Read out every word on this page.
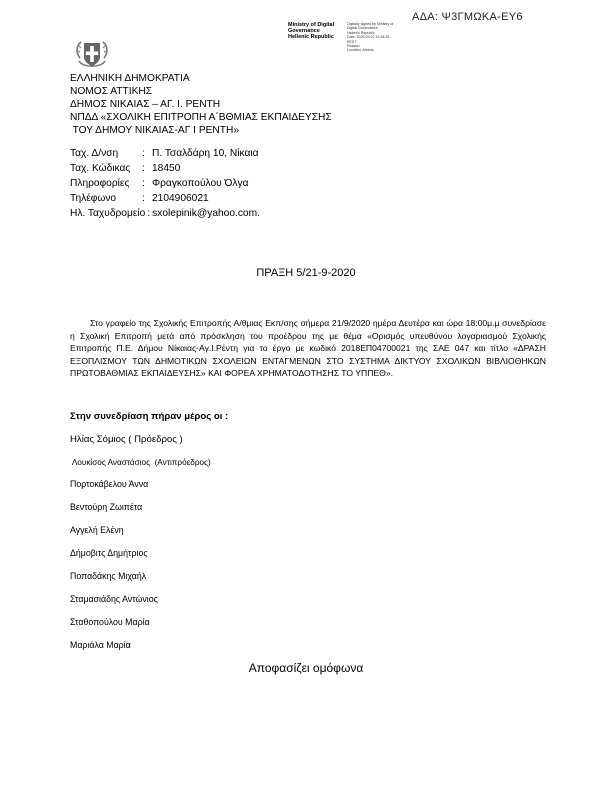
ΑΔΑ: Ψ3ΓΜΩΚΑ-ΕΥ6
Ministry of Digital
Governance
Hellenic Republic
Digitally signed by Ministry of
Digital Governance,
Hellenic Republic
Date: 2020.09.22 11:16:25
EEST
Reason:
Location: Athens
ΕΛΛΗΝΙΚΗ ΔΗΜΟΚΡΑΤΙΑ
ΝΟΜΟΣ ΑΤΤΙΚΗΣ
ΔΗΜΟΣ ΝΙΚΑΙΑΣ – ΑΓ. Ι. ΡΕΝΤΗ
ΝΠΔΔ «ΣΧΟΛΙΚΗ ΕΠΙΤΡΟΠΗ Α΄ΒΘΜΙΑΣ ΕΚΠΑΙΔΕΥΣΗΣ
ΤΟΥ ΔΗΜΟΥ ΝΙΚΑΙΑΣ-ΑΓ Ι ΡΕΝΤΗ»
Ταχ. Δ/νση	: Π. Τσαλδάρη 10, Νίκαια
Ταχ. Κώδικας	: 18450
Πληροφορίες	: Φραγκοπούλου Όλγα
Τηλέφωνο	: 2104906021
Ηλ. Ταχυδρομείο : sxolepinik@yahoo.com.
ΠΡΑΞΗ 5/21-9-2020
Στο γραφείο της Σχολικής Επιτροπής Α/θμιας Εκπ/σης σήμερα 21/9/2020 ημέρα Δευτέρα και ώρα 18:00μ.μ συνεδρίασε η Σχολική Επιτροπή μετά από πρόσκληση του προέδρου της με θέμα «Ορισμός υπευθύνου λογαριασμού Σχολικής Επιτροπής Π.Ε. Δήμου Νίκαιας-Αγ.Ι.Ρέντη για το έργο με κωδικό 2018ΕΠ04700021 της ΣΑΕ 047 και τίτλο «ΔΡΑΣΗ ΕΞΟΠΛΙΣΜΟΥ ΤΩΝ ΔΗΜΟΤΙΚΩΝ ΣΧΟΛΕΙΩΝ ΕΝΤΑΓΜΕΝΩΝ ΣΤΟ ΣΥΣΤΗΜΑ ΔΙΚΤΥΟΥ ΣΧΟΛΙΚΩΝ ΒΙΒΛΙΟΘΗΚΩΝ ΠΡΩΤΟΒΑΘΜΙΑΣ ΕΚΠΑΙΔΕΥΣΗΣ» ΚΑΙ ΦΟΡΕΑ ΧΡΗΜΑΤΟΔΟΤΗΣΗΣ ΤΟ ΥΠΠΕΘ».
Στην συνεδρίαση πήραν μέρος οι :
Ηλίας Σόμιος ( Πρόεδρος )
Λουκίσος Αναστάσιος  (Αντιπρόεδρος)
Πορτοκάβελου Άννα
Βεντούρη Ζωιπέτα
Αγγελή Ελένη
Δήμοβιτς Δημήτριος
Ποπαδάκης Μιχαήλ
Σταμασιάδης Αντώνιος
Σταθοπούλου Μαρία
Μαριάλα Μαρία
Αποφασίζει ομόφωνα
